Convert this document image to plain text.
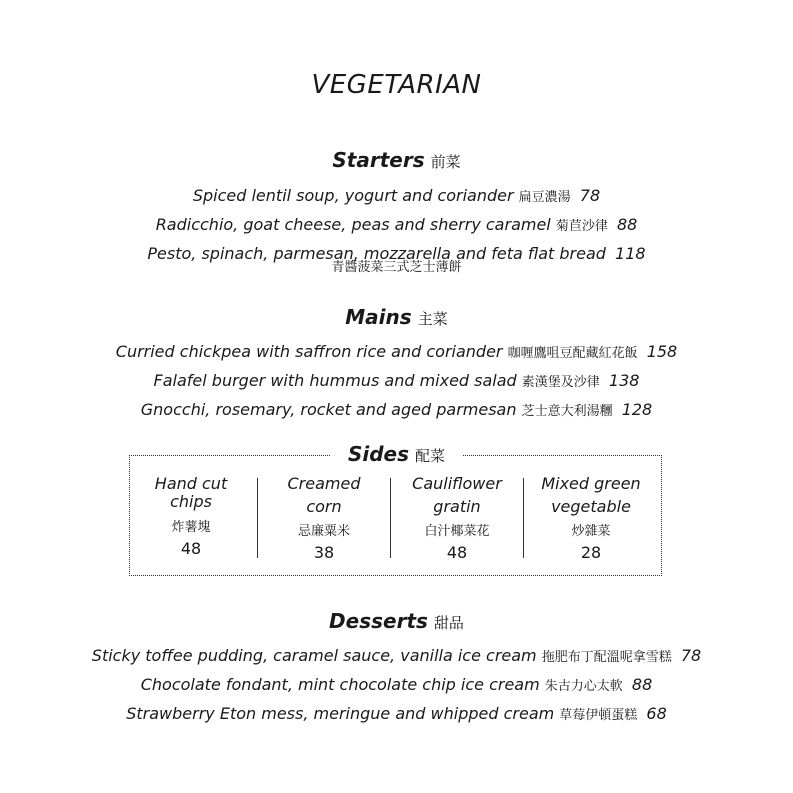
VEGETARIAN
Starters 前菜
Spiced lentil soup, yogurt and coriander 扁豆濃湯 78
Radicchio, goat cheese, peas and sherry caramel 菊苣沙律 88
Pesto, spinach, parmesan, mozzarella and feta flat bread 118
青醬菠菜三式芝士薄餅
Mains 主菜
Curried chickpea with saffron rice and coriander 咖喱鷹咀豆配藏紅花飯 158
Falafel burger with hummus and mixed salad 素漢堡及沙律 138
Gnocchi, rosemary, rocket and aged parmesan 芝士意大利湯糰 128
Sides 配菜
Hand cut
chips
炸薯塊
48
Creamed
corn
忌廉粟米
38
Cauliflower
gratin
白汁椰菜花
48
Mixed green
vegetable
炒雜菜
28
Desserts 甜品
Sticky toffee pudding, caramel sauce, vanilla ice cream 拖肥布丁配溫呢拿雪糕 78
Chocolate fondant, mint chocolate chip ice cream 朱古力心太軟 88
Strawberry Eton mess, meringue and whipped cream 草莓伊頓蛋糕 68
